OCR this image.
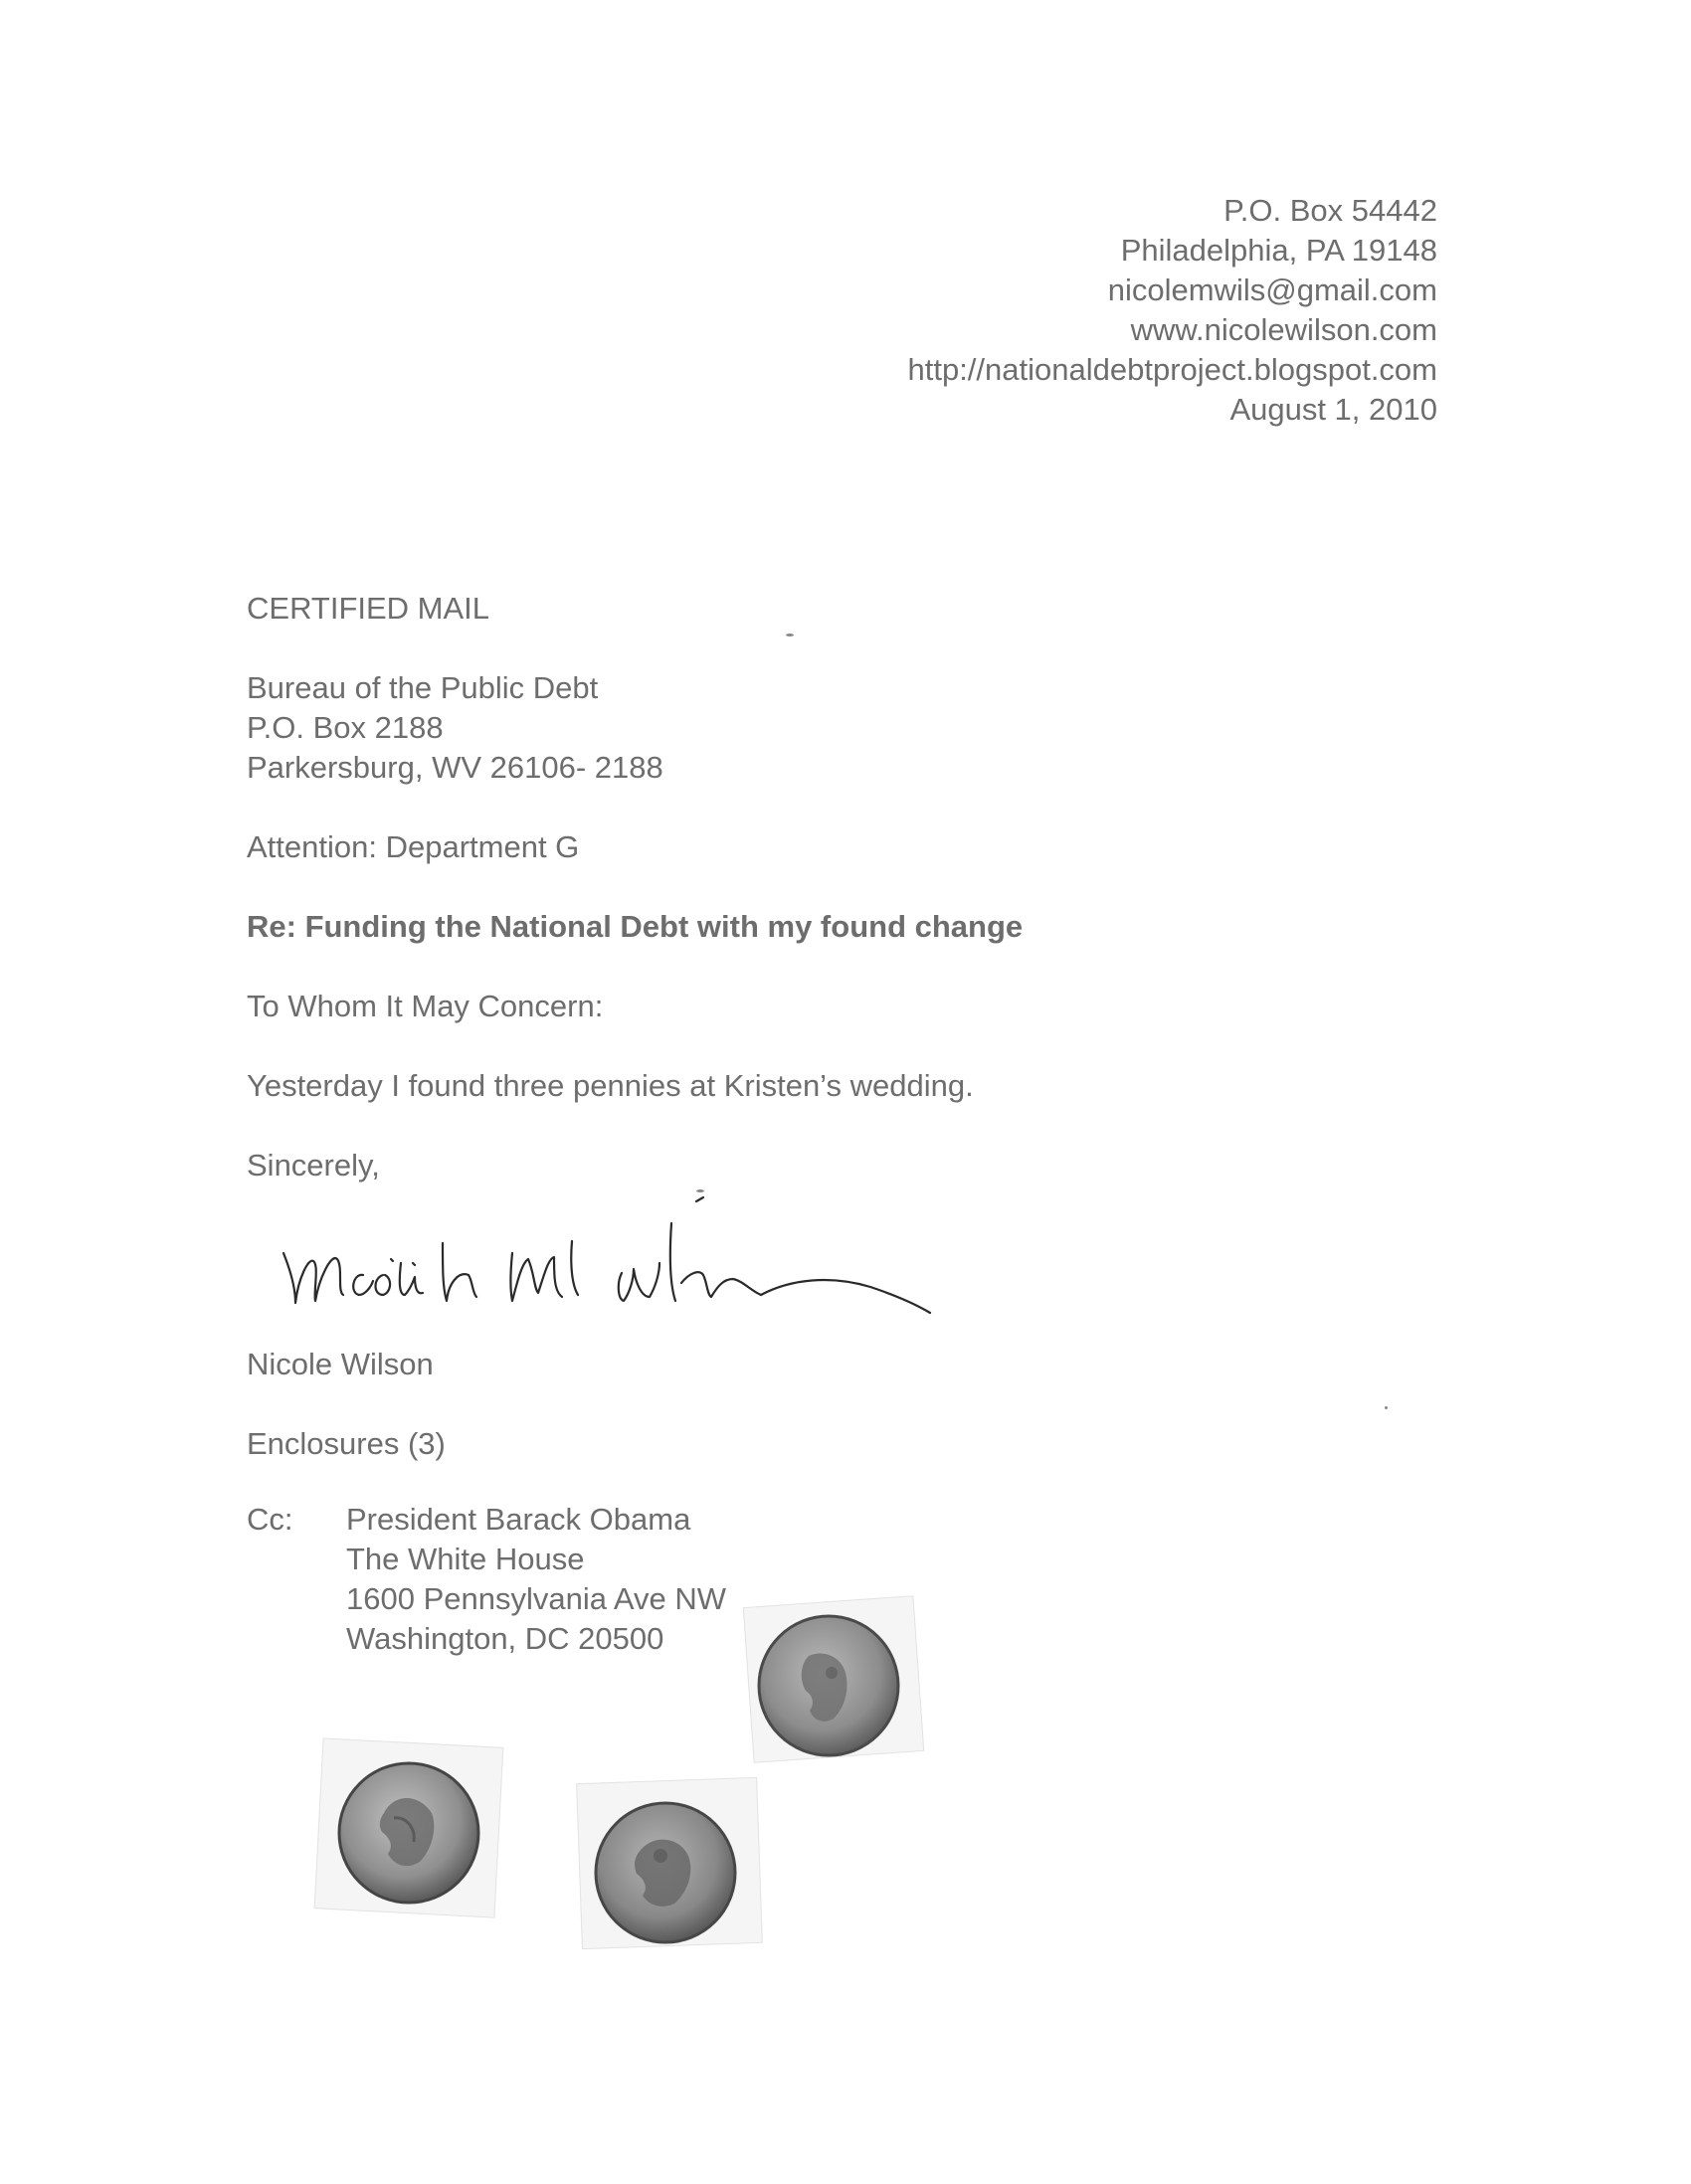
P.O. Box 54442
Philadelphia, PA 19148
nicolemwils@gmail.com
www.nicolewilson.com
http://nationaldebtproject.blogspot.com
August 1, 2010
CERTIFIED MAIL
Bureau of the Public Debt
P.O. Box 2188
Parkersburg, WV 26106- 2188
Attention: Department G
Re: Funding the National Debt with my found change
To Whom It May Concern:
Yesterday I found three pennies at Kristen’s wedding.
Sincerely,
Nicole Wilson
Enclosures (3)
Cc: President Barack Obama
The White House
1600 Pennsylvania Ave NW
Washington, DC 20500
